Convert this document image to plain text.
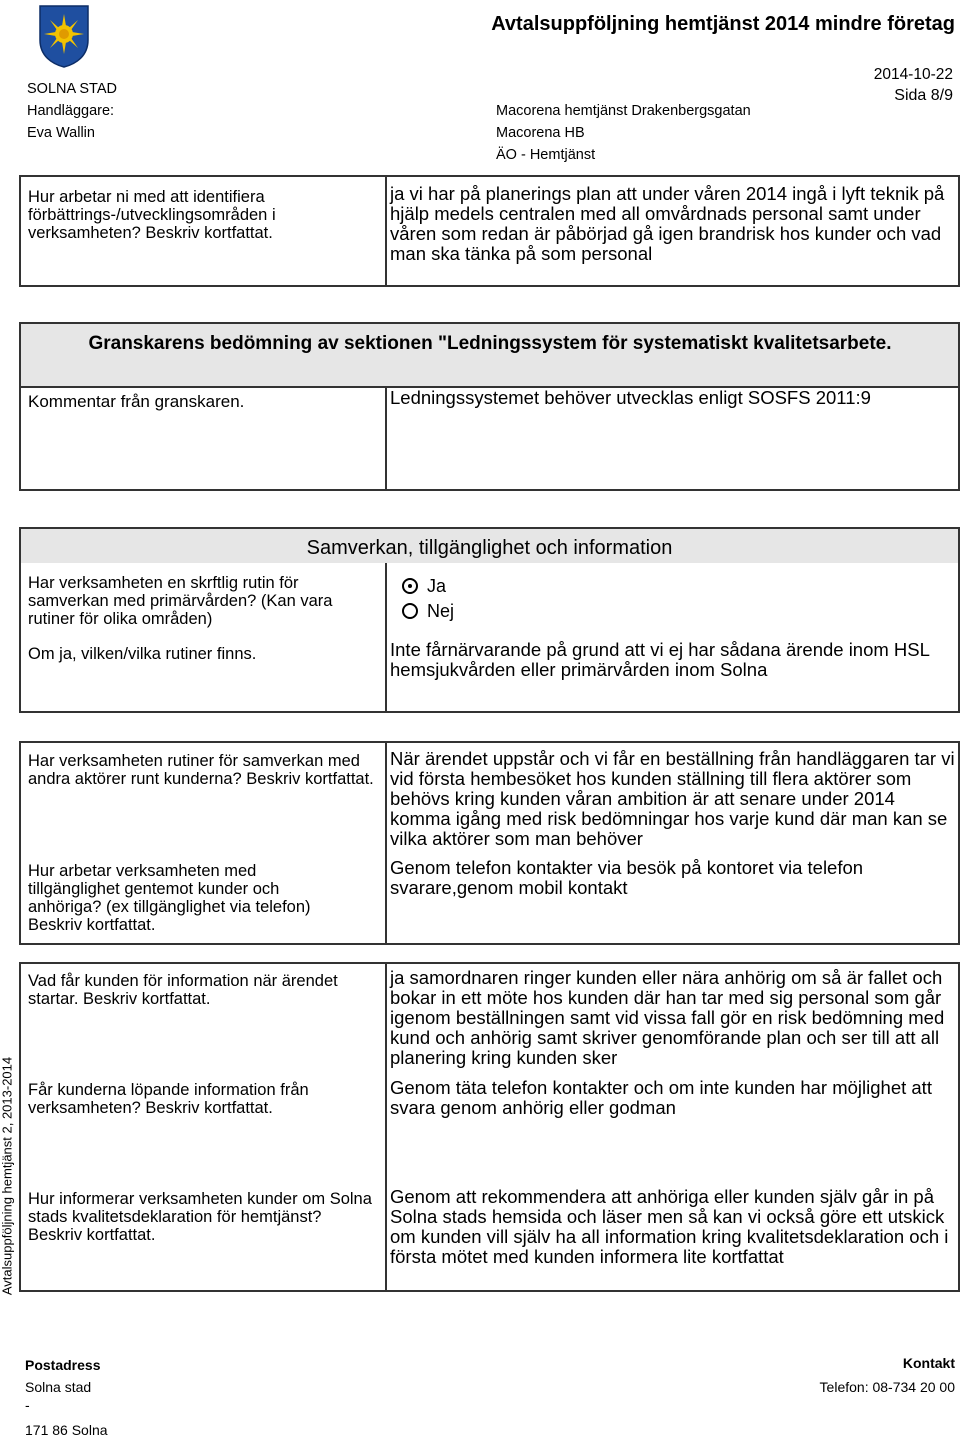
SOLNA STAD
Handläggare:
Eva Wallin
Avtalsuppföljning hemtjänst 2014 mindre företag
2014-10-22
Sida 8/9
Macorena hemtjänst Drakenbergsgatan
Macorena HB
ÄO - Hemtjänst
Hur arbetar ni med att identifiera förbättrings-/utvecklingsområden i verksamheten? Beskriv kortfattat.
ja vi har på planerings plan att under våren 2014 ingå i lyft teknik på hjälp medels centralen med all omvårdnads personal samt under våren som redan är påbörjad gå igen brandrisk hos kunder och vad man ska tänka på som personal
Granskarens bedömning av sektionen "Ledningssystem för systematiskt kvalitetsarbete.
Kommentar från granskaren.	Ledningssystemet behöver utvecklas enligt SOSFS 2011:9
Samverkan, tillgänglighet och information
Har verksamheten en skrftlig rutin för samverkan med primärvården? (Kan vara rutiner för olika områden)
Ja
Nej
Om ja, vilken/vilka rutiner finns.	Inte fårnärvarande på grund att vi ej har sådana ärende inom HSL hemsjukvården eller primärvården inom Solna
Har verksamheten rutiner för samverkan med andra aktörer runt kunderna? Beskriv kortfattat.
När ärendet uppstår och vi får en beställning från handläggaren tar vi vid första hembesöket hos kunden ställning till flera aktörer som behövs kring kunden våran ambition är att senare under 2014 komma igång med risk bedömningar hos varje kund där man kan se vilka aktörer som man behöver
Hur arbetar verksamheten med tillgänglighet gentemot kunder och anhöriga? (ex tillgänglighet via telefon) Beskriv kortfattat.
Genom telefon kontakter via besök på kontoret via telefon svarare,genom mobil kontakt
Vad får kunden för information när ärendet startar. Beskriv kortfattat.
ja samordnaren ringer kunden eller nära anhörig om så är fallet och bokar in ett möte hos kunden där han tar med sig personal som går igenom beställningen samt vid vissa fall gör en risk bedömning med kund och anhörig samt skriver genomförande plan och ser till att all planering kring kunden sker
Får kunderna löpande information från verksamheten? Beskriv kortfattat.
Genom täta telefon kontakter och om inte kunden har möjlighet att svara genom anhörig eller godman
Hur informerar verksamheten kunder om Solna stads kvalitetsdeklaration för hemtjänst? Beskriv kortfattat.
Genom att rekommendera att anhöriga eller kunden själv går in på Solna stads hemsida och läser men så kan vi också göre ett utskick om kunden vill själv ha all information kring kvalitetsdeklaration och i första mötet med kunden informera lite kortfattat
Avtalsuppföljning hemtjänst 2, 2013-2014
Postadress
Solna stad
-
171 86 Solna
Kontakt
Telefon: 08-734 20 00
